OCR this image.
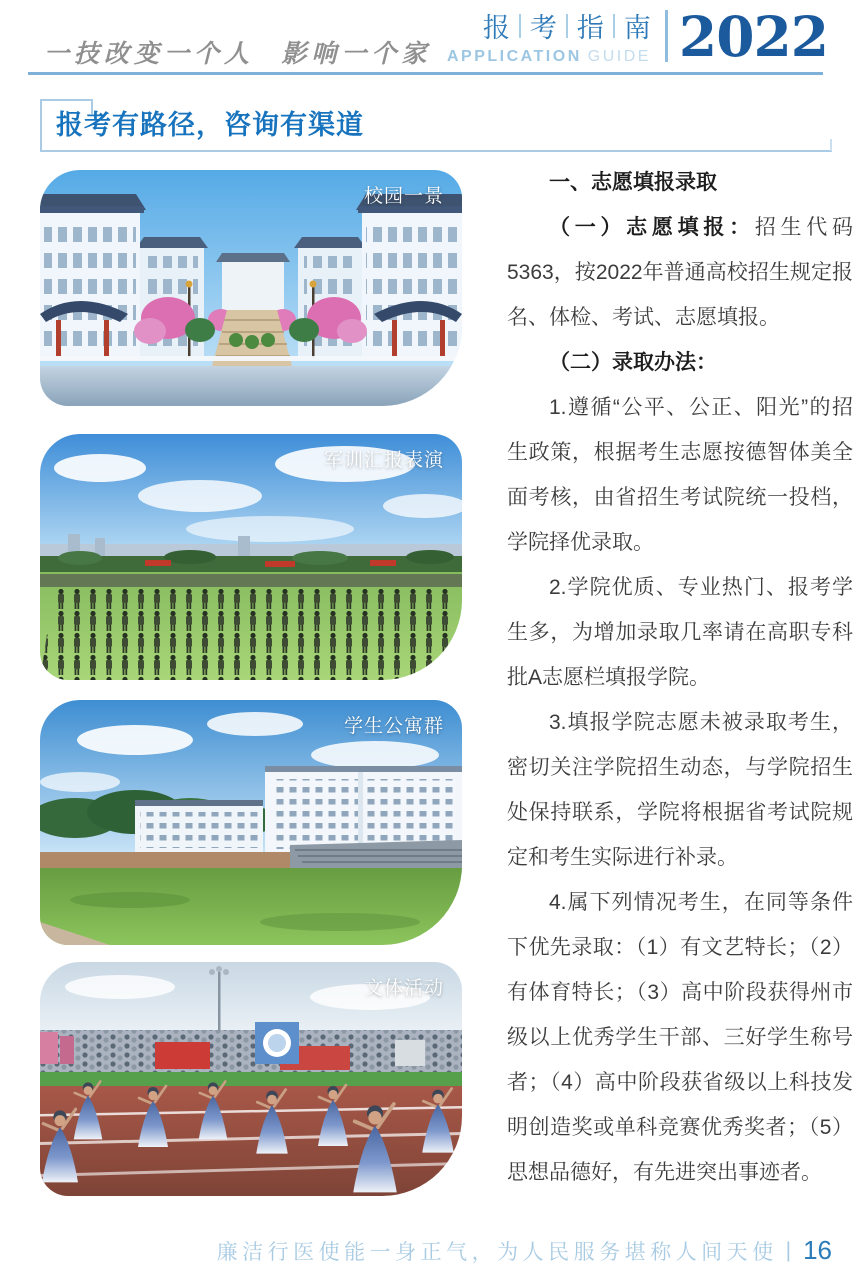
一技改变一个人  影响一个家
报 考 指 南
APPLICATION GUIDE 2022
报考有路径，咨询有渠道
校园一景
军训汇报表演
学生公寓群
文体活动

一、志愿填报录取

（一）志愿填报：招生代码5363，按2022年普通高校招生规定报名、体检、考试、志愿填报。

（二）录取办法：

1.遵循“公平、公正、阳光”的招生政策，根据考生志愿按德智体美全面考核，由省招生考试院统一投档，学院择优录取。

2.学院优质、专业热门、报考学生多，为增加录取几率请在高职专科批A志愿栏填报学院。

3.填报学院志愿未被录取考生，密切关注学院招生动态，与学院招生处保持联系，学院将根据省考试院规定和考生实际进行补录。

4.属下列情况考生，在同等条件下优先录取：（1）有文艺特长；（2）有体育特长；（3）高中阶段获得州市级以上优秀学生干部、三好学生称号者；（4）高中阶段获省级以上科技发明创造奖或单科竞赛优秀奖者；（5）思想品德好，有先进突出事迹者。

廉洁行医使能一身正气，为人民服务堪称人间天使 | 16
